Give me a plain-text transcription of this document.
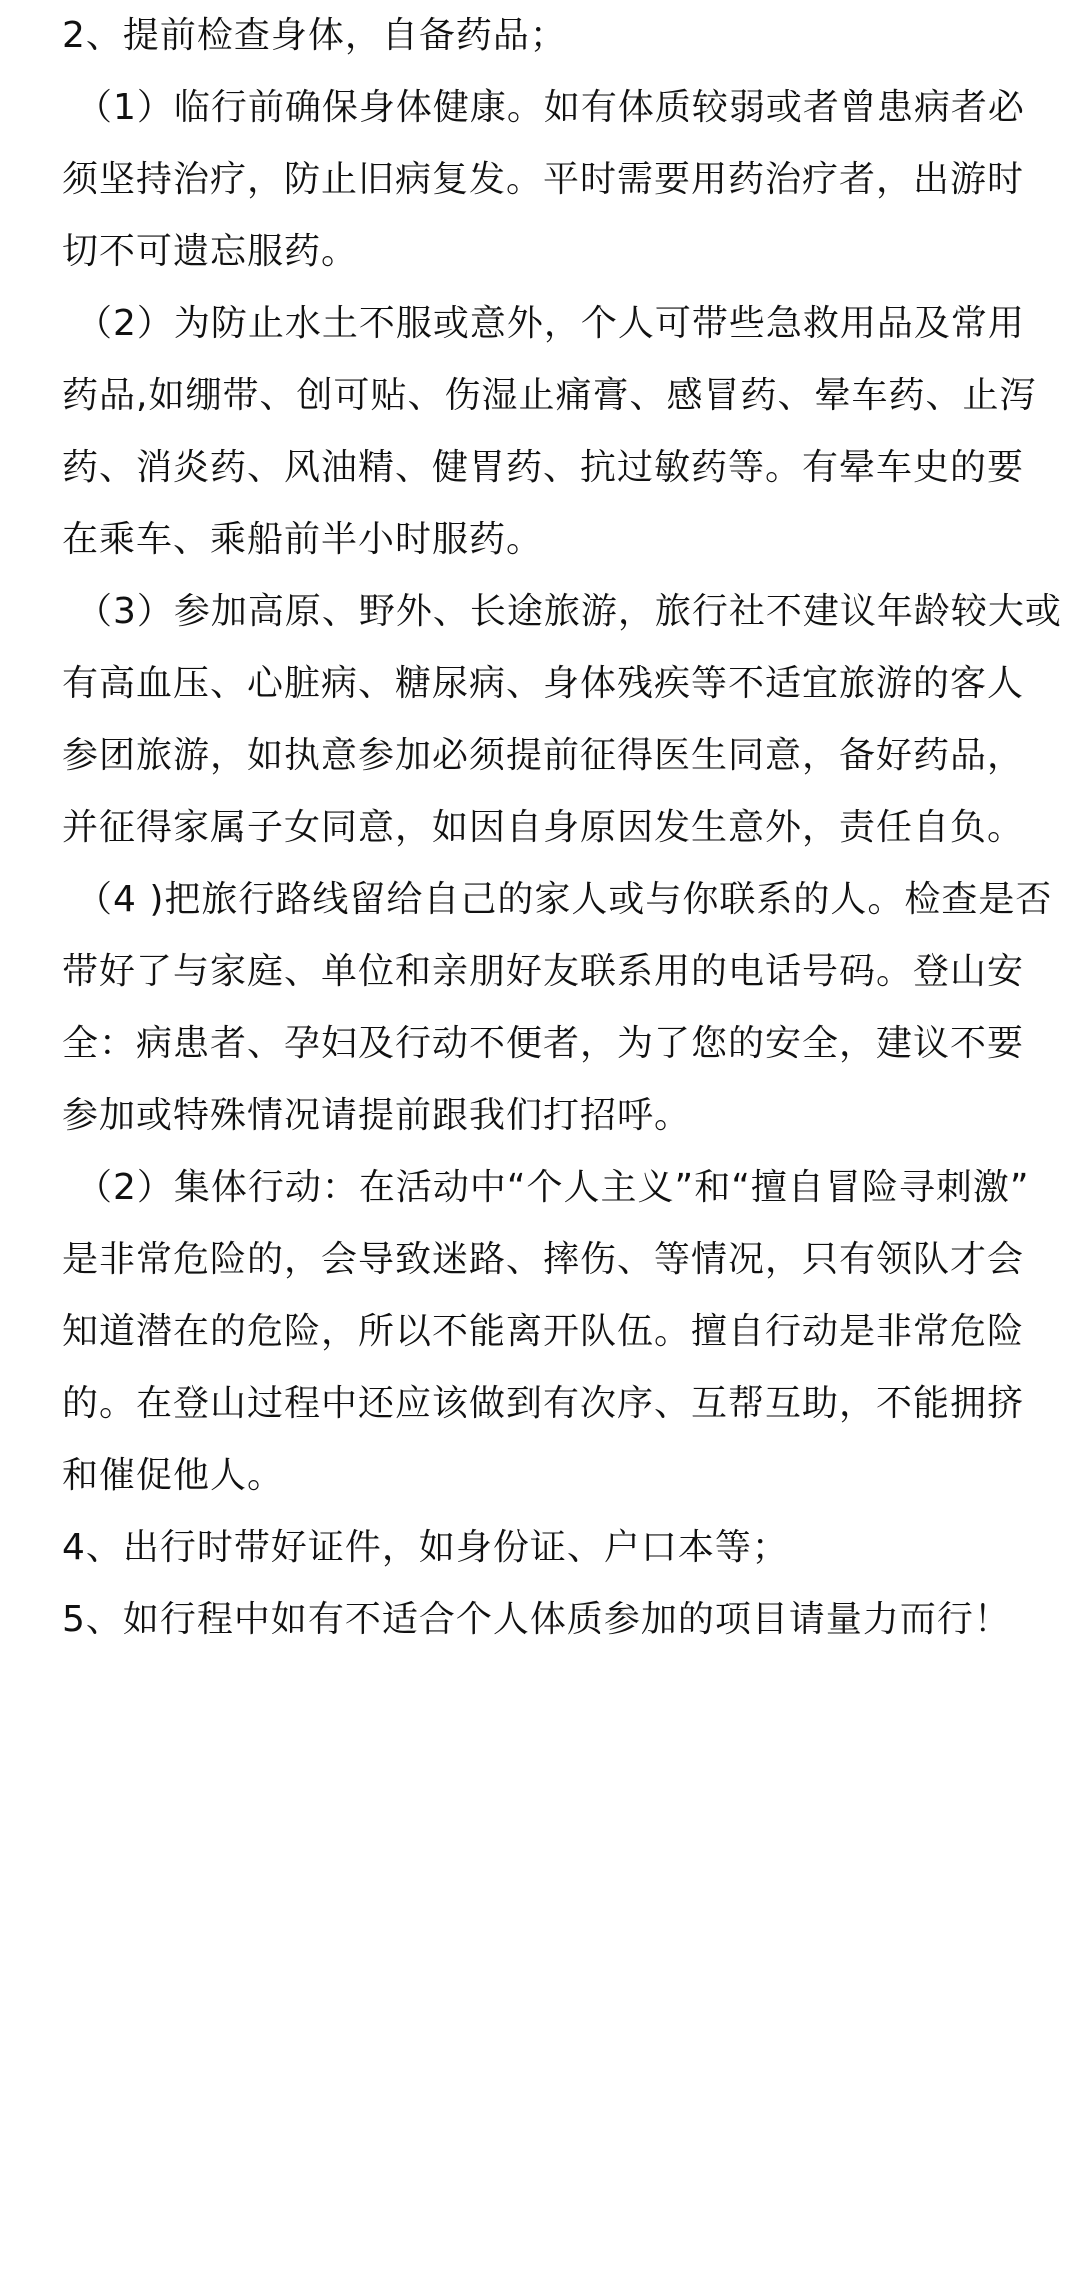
2、提前检查身体，自备药品；
（1）临行前确保身体健康。如有体质较弱或者曾患病者必
须坚持治疗，防止旧病复发。平时需要用药治疗者，出游时
切不可遗忘服药。
（2）为防止水土不服或意外，个人可带些急救用品及常用
药品,如绷带、创可贴、伤湿止痛膏、感冒药、晕车药、止泻
药、消炎药、风油精、健胃药、抗过敏药等。有晕车史的要
在乘车、乘船前半小时服药。
（3）参加高原、野外、长途旅游，旅行社不建议年龄较大或
有高血压、心脏病、糖尿病、身体残疾等不适宜旅游的客人
参团旅游，如执意参加必须提前征得医生同意，备好药品，
并征得家属子女同意，如因自身原因发生意外，责任自负。
（4 )把旅行路线留给自己的家人或与你联系的人。检查是否
带好了与家庭、单位和亲朋好友联系用的电话号码。登山安
全：病患者、孕妇及行动不便者，为了您的安全，建议不要
参加或特殊情况请提前跟我们打招呼。
（2）集体行动：在活动中“个人主义”和“擅自冒险寻刺激”
是非常危险的，会导致迷路、摔伤、等情况，只有领队才会
知道潜在的危险，所以不能离开队伍。擅自行动是非常危险
的。在登山过程中还应该做到有次序、互帮互助，不能拥挤
和催促他人。
4、出行时带好证件，如身份证、户口本等；
5、如行程中如有不适合个人体质参加的项目请量力而行！
